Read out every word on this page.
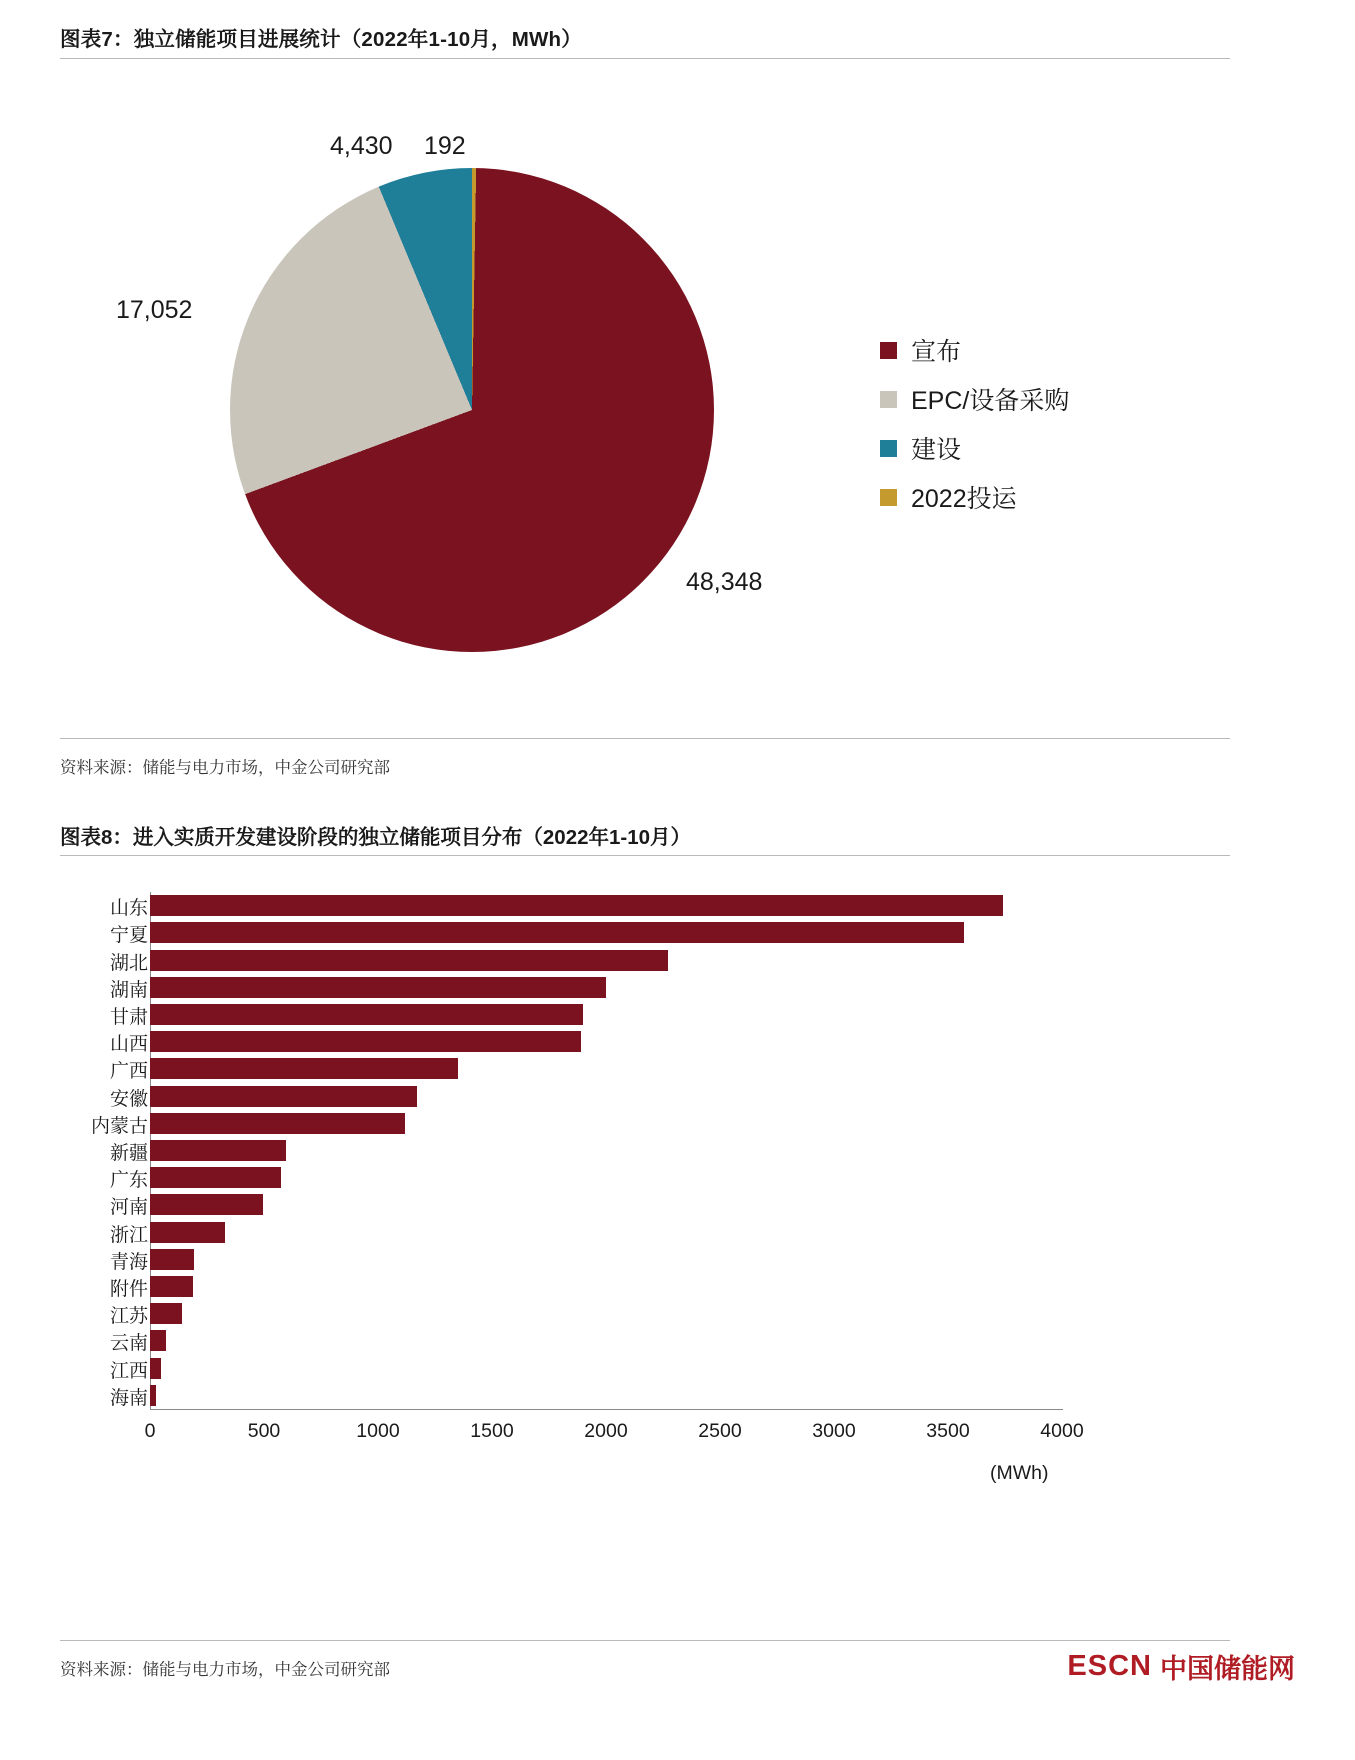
图表7：独立储能项目进展统计（2022年1-10月，MWh）
48,348
17,052
4,430 192
宣布
EPC/设备采购
建设
2022投运
资料来源：储能与电力市场，中金公司研究部
图表8：进入实质开发建设阶段的独立储能项目分布（2022年1-10月）
山东
宁夏
湖北
湖南
甘肃
山西
广西
安徽
内蒙古
新疆
广东
河南
浙江
青海
附件
江苏
云南
江西
海南
0	500	1000	1500	2000	2500	3000	3500	4000
(MWh)
资料来源：储能与电力市场，中金公司研究部	ESCN 中国储能网
